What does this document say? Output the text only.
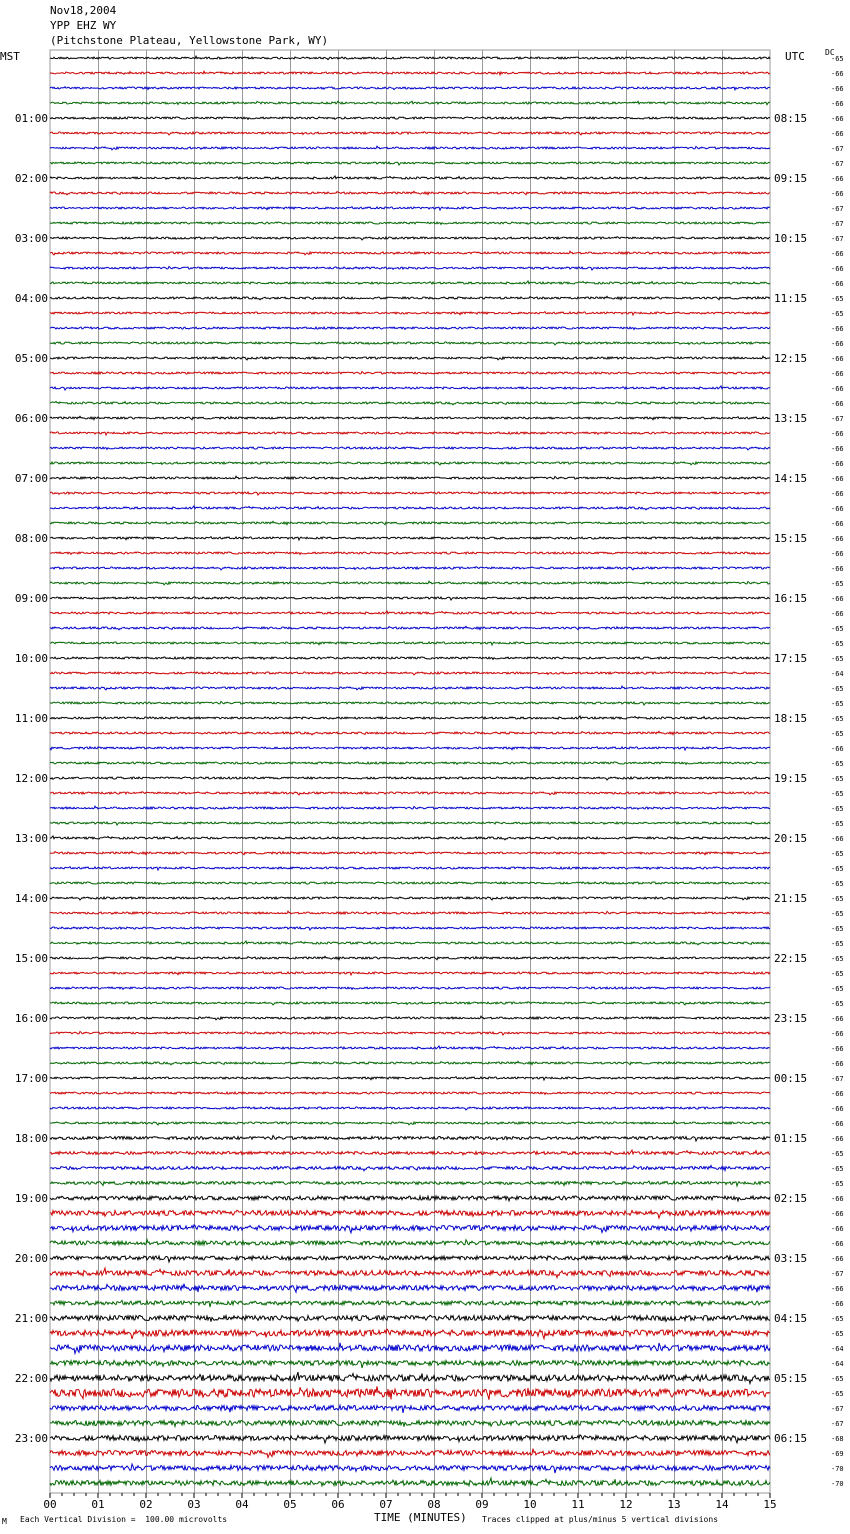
Nov18,2004
YPP EHZ WY
(Pitchstone Plateau, Yellowstone Park, WY)
MST	UTC	DC
-65
-66
-66
-66
-66
-66
-67
-67
-66
-66
-67
-67
-67
-66
-66
-66
-65
-65
-66
-66
-66
-66
-66
-66
-67
-66
-66
-66
-66
-66
-66
-66
-66
-66
-66
-65
-66
-66
-65
-65
-65
-64
-65
-65
-65
-65
-66
-65
-65
-65
-65
-65
-66
-65
-65
-65
-65
-65
-65
-65
-65
-65
-65
-65
-66
-66
-66
-66
-67
-66
-66
-66
-66
-65
-65
-65
-66
-66
-66
-66
-66
-67
-66
-66
-65
-65
-64
-64
-65
-65
-67
-67
-68
-69
-70
-70
01:00	08:15
02:00	09:15
03:00	10:15
04:00	11:15
05:00	12:15
06:00	13:15
07:00	14:15
08:00	15:15
09:00	16:15
10:00	17:15
11:00	18:15
12:00	19:15
13:00	20:15
14:00	21:15
15:00	22:15
16:00	23:15
17:00	00:15
18:00	01:15
19:00	02:15
20:00	03:15
21:00	04:15
22:00	05:15
23:00	06:15
00	01	02	03	04	05	06	07	08	09	10	11	12	13	14	15
M Each Vertical Division =  100.00 microvolts	TIME (MINUTES) Traces clipped at plus/minus 5 vertical divisions
